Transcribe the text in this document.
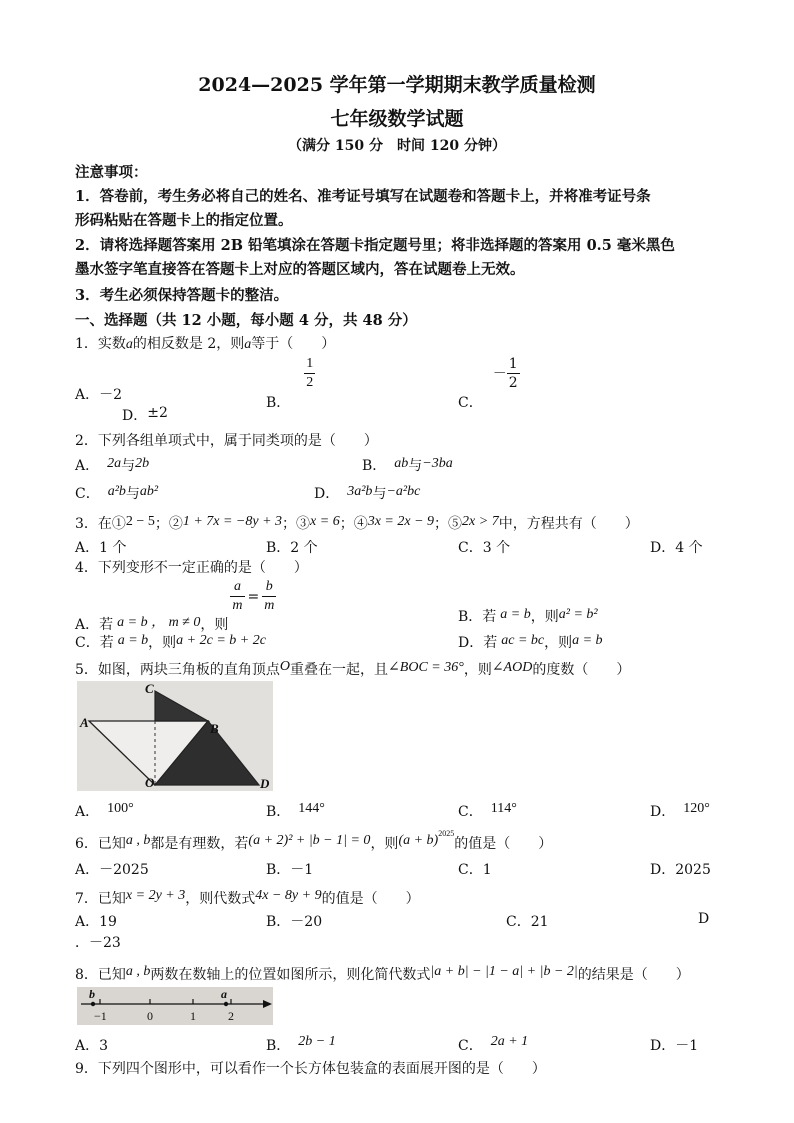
2024—2025 学年第一学期期末教学质量检测
七年级数学试题
（满分 150 分　时间 120 分钟）
注意事项：
1．答卷前，考生务必将自己的姓名、准考证号填写在试题卷和答题卡上，并将准考证号条
形码粘贴在答题卡上的指定位置。
2．请将选择题答案用 2B 铅笔填涂在答题卡指定题号里；将非选择题的答案用 0.5 毫米黑色
墨水签字笔直接答在答题卡上对应的答题区域内，答在试题卷上无效。
3．考生必须保持答题卡的整洁。
一、选择题（共 12 小题，每小题 4 分，共 48 分）
1．实数a的相反数是 2，则a等于（　　）
A．－2	B．
$\frac{1}{2}$
C．－ $\frac{1}{2}$
D．±2
2．下列各组单项式中，属于同类项的是（　　）
A． 2a与2b	B． ab与−3ba
C． a²b与ab²	D． 3a²b与−a²bc
3．在①2 − 5；②1 + 7x = −8y + 3；③x = 6；④3x = 2x − 9；⑤2x > 7中，方程共有（　　）
A．1 个	B．2 个	C．3 个	D．4 个
4．下列变形不一定正确的是（　　）
A．若 a = b ， m ≠ 0，则
$\frac{a}{m} = \frac{b}{m}$
B．若 a = b，则a² = b²
C．若 a = b，则a + 2c = b + 2c	D．若 ac = bc，则a = b
5．如图，两块三角板的直角顶点O重叠在一起，且∠BOC = 36°，则∠AOD的度数（　　）
C
A	B
O	D
A． 100°	B． 144°	C． 114°	D． 120°
6．已知a , b都是有理数，若(a + 2)² + |b − 1| = 0，则$(a + b)^{2025}$的值是（　　）
A．－2025	B．－1	C．1	D．2025
7．已知x = 2y + 3，则代数式4x − 8y + 9的值是（　　）
A．19	B．－20	C．21	D
．－23
8．已知a , b两数在数轴上的位置如图所示，则化简代数式|a + b| − |1 − a| + |b − 2|的结果是（　　）
b	a
−1	0	1	2
A．3	B． 2b − 1	C． 2a + 1	D．－1
9．下列四个图形中，可以看作一个长方体包装盒的表面展开图的是（　　）
